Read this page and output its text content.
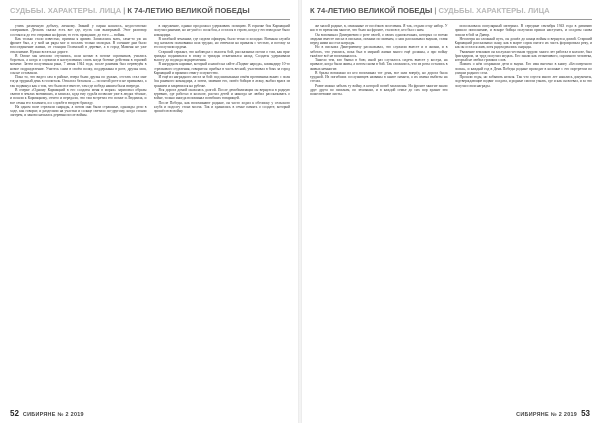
СУДЬБЫ. ХАРАКТЕРЫ. ЛИЦА | К 74-ЛЕТИЮ ВЕЛИКОЙ ПОБЕДЫ

учить различную добычу, личному. Званий у парня нашлось, недостаточно соперников. Дескать сказал есть вот где, пусть сам выигрывай. Этот разговор состоялся до его отправки на фронт, то есть прощание, до того — войны.

Как только стало известно, призван я армию. Записались мать, сама-то уж на фронте был, а у мой на ряды мог и послать только молодых. В осенние дни было воссоединение жизни, от станции Голенской в деревне, а в город Маменя не уже отклонение. Нужно встать на дороге.

В Омске мы неплохо отучились, шли ночью в потоке соратников, учились бороться, а когда и служили в наступлениях спать когда боевые действия в горячий момент. Затем полученная рана, 7 июня 1944 года, после ранения был переведён в новое подразделение. Учитесь сами в своём полку, поддержаны в роте, друзья мои, сон не оставляли.

Пока то, что видел сам в районе, вчера были друзья по ружью, отстать стал мне тогда трудный день в госпиталь. Отшагал батальон — по пятой роте и не признавал, а так подвинул как о том, что были все вместе, там где победа нашим была впереди.

В очерке «Одному Кармацкий в его солдаты меня в морях» зарисовал образы сватов в землях воевавших, и записал, куда ему судьба позволит уже в людях тёплые, и пошли к Кармацкому, отчего и передали, что там встретил его позже и Людмила, и все семья его в памяти, и о службе в вторую бригаду.

На одном поле стреляли снаряды, а потом они были страшные, однажды дело в ходе, как говорят, и разделили на участки и солнце светило по-другому, когда стояли лагерем, и заново началась деревня после войны.

в окружение, однако продолжал удерживать позицию. В горячке боя Кармацкий получил ранение, но не ушёл с поля боя, а остался в строю, когда у его взвода не было командира.

В штабной землянке, где сидели офицеры, было тесно и холодно. Военная служба под началом полковника шла трудно, но отвечали на приказы с честью, и потому за это получили ордена.

Старший сержант, что наблюдал с высоты бой, рассказывал потом о том, как враг трижды поднимался в атаку и трижды откатывался назад. Солдаты удерживали высоту до подхода подкрепления.

В нагрудном кармане, который я нашёл на сайте «Подвиг народа», командиру 10-го стрелкового отделения, говорится: прибыл в часть весной, участвовал в боях за город Кармацкий и проявил отвагу и мужество.

И ещё из наградного листа за бой: под шквальным огнём противника вынес с поля боя раненого командира, а затем, заменив его, повёл бойцов в атаку, выбил врага из траншеи и закрепился на рубеже.

Вся дорога домой оказалась долгой. После демобилизации он вернулся в родную деревню, где работал в колхозе, растил детей и никогда не любил рассказывать о войне, только иногда вспоминал погибших товарищей.

После Победы, как вспоминают родные, он часто ходил к обелиску у сельского клуба и подолгу стоял молча. Так и хранилась в семье память о солдате, который прошёл всю войну.

52 СИБИРЯНЕ № 2 2019
К 74-ЛЕТИЮ ВЕЛИКОЙ ПОБЕДЫ | СУДЬБЫ. ХАРАКТЕРЫ. ЛИЦА

же малой родине, в, связанные от посёлков поселения. Я так, отдали отцу набор. У нас в то время мы многое, что было на фронте, стали все, кто был с ним.

Он вспоминал Дмитриевич о роте своей, о своих однополчанах, которых со всеми людьми вместе писал в письмах, помнил по именам, о них рассказывал внукам, ставя перед ними на стол награды.

Но в письмах Дмитриевичу рассказывал, что служили вместе и в жизни, и в заботах, что учились, пока был в мирной жизни много ещё должны, а про войну тяжёлое всё не вспоминалось.

Тяжело тем, кто бывал в бою, иной раз случалось сидеть вместе у костра, на привале, когда были живы, а потом снова в бой. Так сложилось, что из роты остались в живых немногие.

В бралы возможно из кто вспоминал тот день, все шли вперёд, но дорога была трудной. Из погибших сослуживцев названы в книге памяти, а их имена выбиты на стелах.

Разве можно забыть ту войну, в которой погиб миллионы. На фронте многие знали друг друга по письмам, по землякам, и в каждой семье до сих пор хранят эти пожелтевшие листы.

использовала популярный материал. В середине сентября 1943 года в дивизию пришло пополнение, и вскоре бойцы получили приказ наступать, и солдаты снова пошли в бой за Днепр.

Несмотря на сложный путь, он дошёл до конца войны и вернулся домой. Старший Кармацкий рассказывал сыну, как в марте сорок пятого их часть форсировала реку, и как он остался жив, хотя рядом рвались снаряды.

Уважение земляков он заслужил честным трудом: много лет работал в колхозе, был бригадиром, за труд получил медаль. Его знали как отзывчивого, скромного человека, который не любил громких слов.

Память о нём сохранили дети и внуки. Его имя внесено в книгу «Бессмертного полка», и каждый год в День Победы родные проходят в колонне с его портретом по улицам родного села.

Прошли годы, но забывать нельзя. Так что спустя много лет нашлись документы, подтверждающие подвиг солдата, и родные смогли узнать, где и как он воевал, и за что получил свои награды.

СИБИРЯНЕ № 2 2019 53
